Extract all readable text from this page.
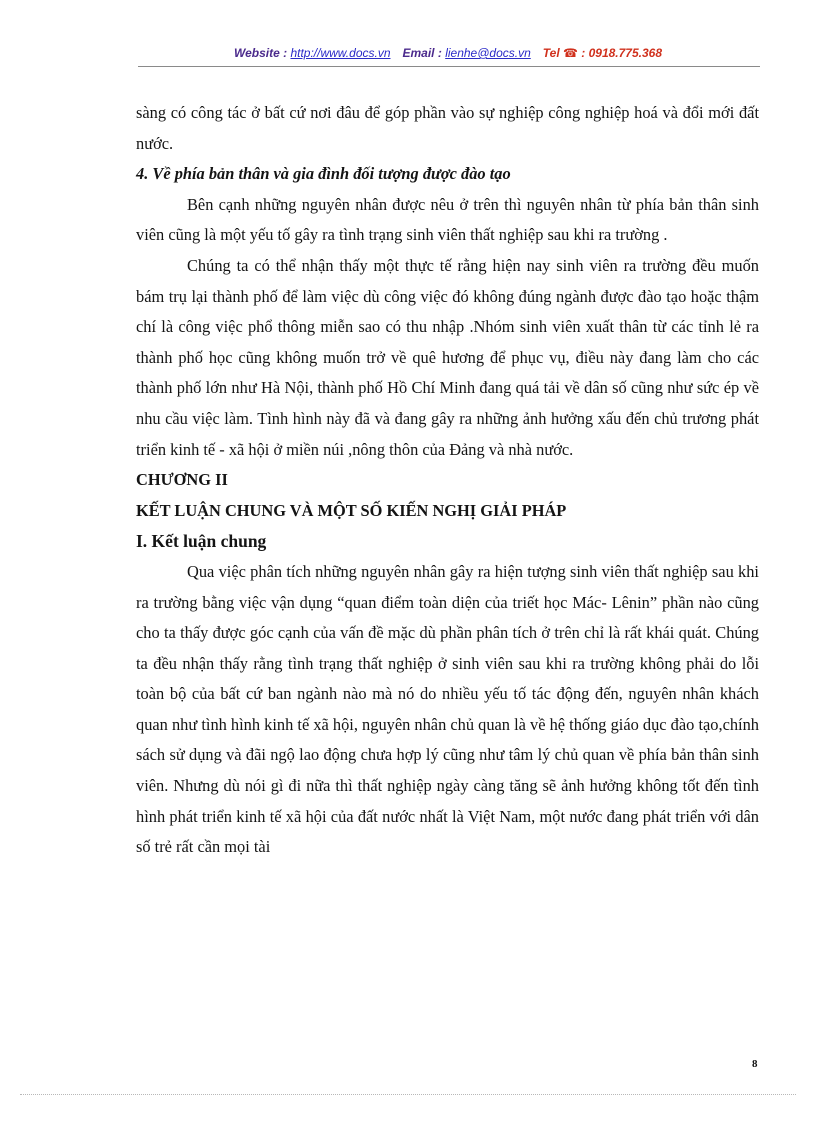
Website : http://www.docs.vn Email : lienhe@docs.vn Tel ☎ : 0918.775.368

sàng có công tác ở bất cứ nơi đâu để góp phần vào sự nghiệp công nghiệp hoá và đổi mới đất nước.

4. Về phía bản thân và gia đình đối tượng được đào tạo

Bên cạnh những nguyên nhân được nêu ở trên thì nguyên nhân từ phía bản thân sinh viên cũng là một yếu tố gây ra tình trạng sinh viên thất nghiệp sau khi ra trường .

Chúng ta có thể nhận thấy một thực tế rằng hiện nay sinh viên ra trường đều muốn bám trụ lại thành phố để làm việc dù công việc đó không đúng ngành được đào tạo hoặc thậm chí là công việc phổ thông miễn sao có thu nhập .Nhóm sinh viên xuất thân từ các tỉnh lẻ ra thành phố học cũng không muốn trở về quê hương để phục vụ, điều này đang làm cho các thành phố lớn như Hà Nội, thành phố Hồ Chí Minh đang quá tải về dân số cũng như sức ép về nhu cầu việc làm. Tình hình này đã và đang gây ra những ảnh hưởng xấu đến chủ trương phát triển kinh tế - xã hội ở miền núi ,nông thôn của Đảng và nhà nước.

CHƯƠNG II

KẾT LUẬN CHUNG VÀ MỘT SỐ KIẾN NGHỊ GIẢI PHÁP

I. Kết luận chung

Qua việc phân tích những nguyên nhân gây ra hiện tượng sinh viên thất nghiệp sau khi ra trường bằng việc vận dụng “quan điểm toàn diện của triết học Mác- Lênin” phần nào cũng cho ta thấy được góc cạnh của vấn đề mặc dù phần phân tích ở trên chỉ là rất khái quát. Chúng ta đều nhận thấy rằng tình trạng thất nghiệp ở sinh viên sau khi ra trường không phải do lỗi toàn bộ của bất cứ ban ngành nào mà nó do nhiều yếu tố tác động đến, nguyên nhân khách quan như tình hình kinh tế xã hội, nguyên nhân chủ quan là về hệ thống giáo dục đào tạo,chính sách sử dụng và đãi ngộ lao động chưa hợp lý cũng như tâm lý chủ quan về phía bản thân sinh viên. Nhưng dù nói gì đi nữa thì thất nghiệp ngày càng tăng sẽ ảnh hưởng không tốt đến tình hình phát triển kinh tế xã hội của đất nước nhất là Việt Nam, một nước đang phát triển với dân số trẻ rất cần mọi tài

8
